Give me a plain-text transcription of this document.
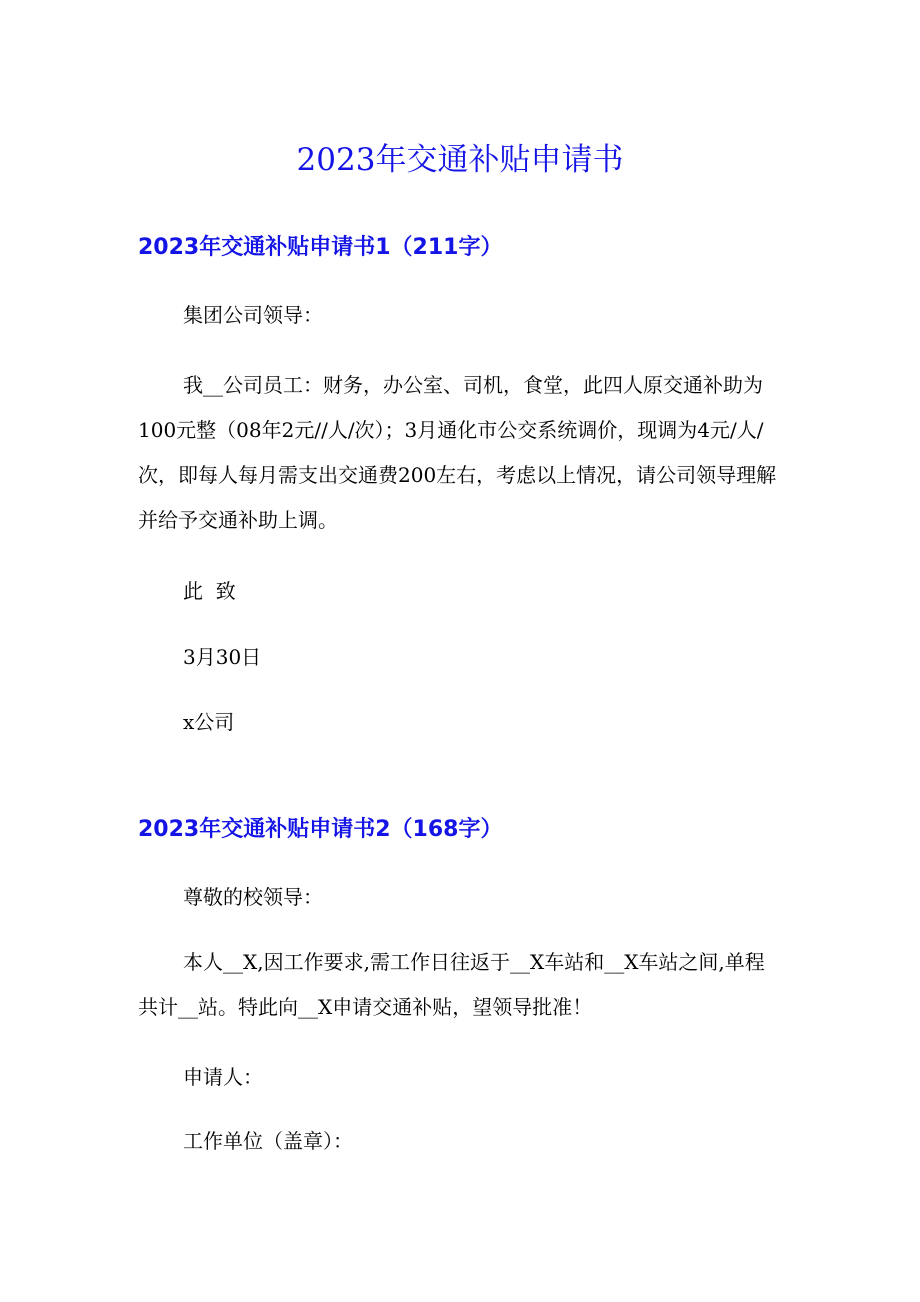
2023年交通补贴申请书
2023年交通补贴申请书1（211字）
集团公司领导：
我__公司员工：财务，办公室、司机，食堂，此四人原交通补助为100元整（08年2元//人/次）；3月通化市公交系统调价，现调为4元/人/次，即每人每月需支出交通费200左右，考虑以上情况，请公司领导理解并给予交通补助上调。
此  致
3月30日
x公司
2023年交通补贴申请书2（168字）
尊敬的校领导：
本人__X,因工作要求,需工作日往返于__X车站和__X车站之间,单程共计__站。特此向__X申请交通补贴，望领导批准！
申请人：
工作单位（盖章）：
